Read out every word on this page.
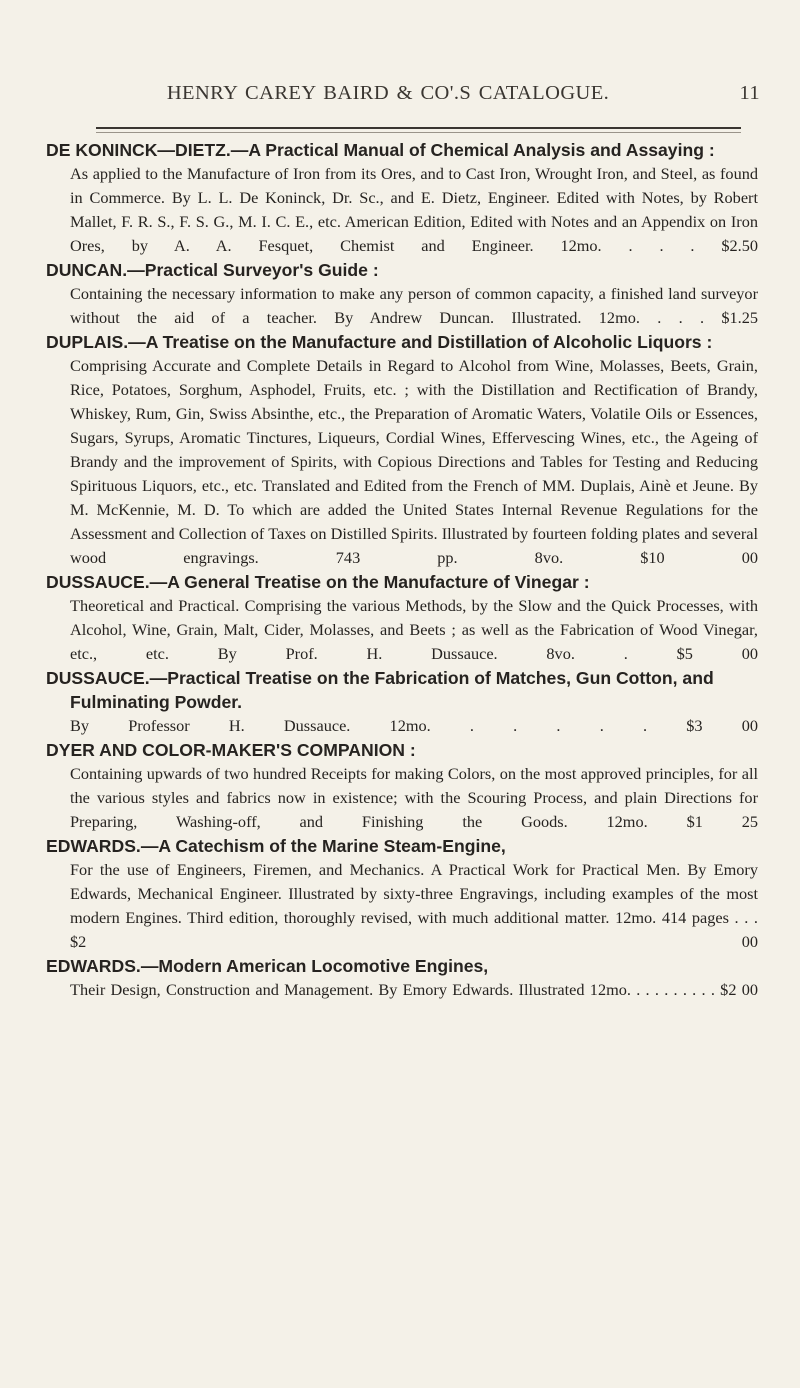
HENRY CAREY BAIRD & CO'.S CATALOGUE.	11
DE KONINCK—DIETZ.—A Practical Manual of Chemical Analysis and Assaying :
As applied to the Manufacture of Iron from its Ores, and to Cast Iron, Wrought Iron, and Steel, as found in Commerce. By L. L. De Koninck, Dr. Sc., and E. Dietz, Engineer. Edited with Notes, by Robert Mallet, F. R. S., F. S. G., M. I. C. E., etc. American Edition, Edited with Notes and an Appendix on Iron Ores, by A. A. Fesquet, Chemist and Engineer. 12mo. . . . $2.50
DUNCAN.—Practical Surveyor's Guide :
Containing the necessary information to make any person of common capacity, a finished land surveyor without the aid of a teacher. By Andrew Duncan. Illustrated. 12mo. . . . $1.25
DUPLAIS.—A Treatise on the Manufacture and Distillation of Alcoholic Liquors :
Comprising Accurate and Complete Details in Regard to Alcohol from Wine, Molasses, Beets, Grain, Rice, Potatoes, Sorghum, Asphodel, Fruits, etc. ; with the Distillation and Rectification of Brandy, Whiskey, Rum, Gin, Swiss Absinthe, etc., the Preparation of Aromatic Waters, Volatile Oils or Essences, Sugars, Syrups, Aromatic Tinctures, Liqueurs, Cordial Wines, Effervescing Wines, etc., the Ageing of Brandy and the improvement of Spirits, with Copious Directions and Tables for Testing and Reducing Spirituous Liquors, etc., etc. Translated and Edited from the French of MM. Duplais, Ainè et Jeune. By M. McKennie, M. D. To which are added the United States Internal Revenue Regulations for the Assessment and Collection of Taxes on Distilled Spirits. Illustrated by fourteen folding plates and several wood engravings. 743 pp. 8vo.	$10 00
DUSSAUCE.—A General Treatise on the Manufacture of Vinegar :
Theoretical and Practical. Comprising the various Methods, by the Slow and the Quick Processes, with Alcohol, Wine, Grain, Malt, Cider, Molasses, and Beets ; as well as the Fabrication of Wood Vinegar, etc., etc. By Prof. H. Dussauce. 8vo. .	$5 00
DUSSAUCE.—Practical Treatise on the Fabrication of Matches, Gun Cotton, and Fulminating Powder.
By Professor H. Dussauce. 12mo. . . . . . $3 00
DYER AND COLOR-MAKER'S COMPANION :
Containing upwards of two hundred Receipts for making Colors, on the most approved principles, for all the various styles and fabrics now in existence; with the Scouring Process, and plain Directions for Preparing, Washing-off, and Finishing the Goods. 12mo. $1 25
EDWARDS.—A Catechism of the Marine Steam-Engine,
For the use of Engineers, Firemen, and Mechanics. A Practical Work for Practical Men. By Emory Edwards, Mechanical Engineer. Illustrated by sixty-three Engravings, including examples of the most modern Engines. Third edition, thoroughly revised, with much additional matter. 12mo. 414 pages . . . $2 00
EDWARDS.—Modern American Locomotive Engines,
Their Design, Construction and Management. By Emory Edwards. Illustrated 12mo. . . . . . . . . . $2 00
